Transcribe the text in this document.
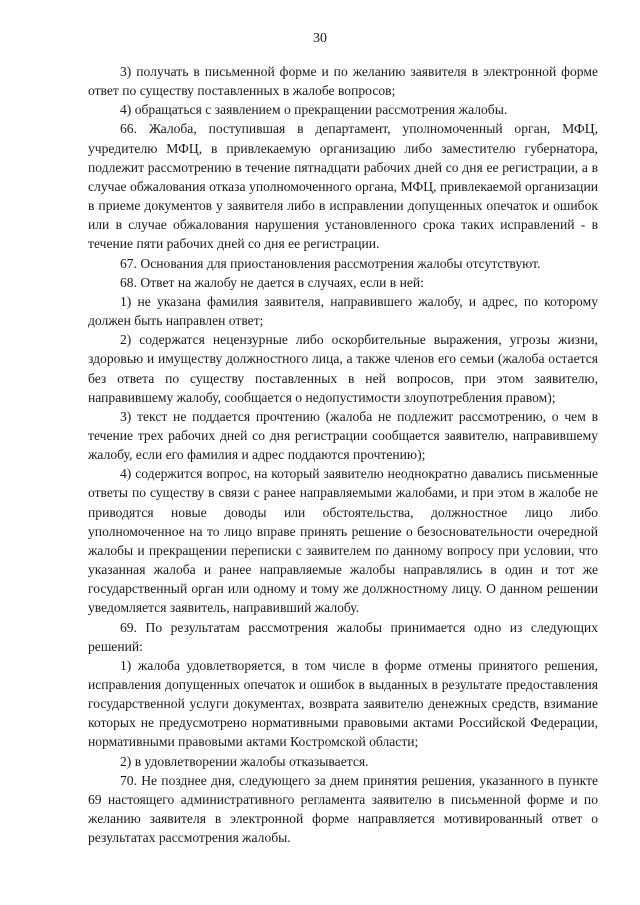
30

3) получать в письменной форме и по желанию заявителя в электронной форме ответ по существу поставленных в жалобе вопросов;

4) обращаться с заявлением о прекращении рассмотрения жалобы.

66. Жалоба, поступившая в департамент, уполномоченный орган, МФЦ, учредителю МФЦ, в привлекаемую организацию либо заместителю губернатора, подлежит рассмотрению в течение пятнадцати рабочих дней со дня ее регистрации, а в случае обжалования отказа уполномоченного органа, МФЦ, привлекаемой организации в приеме документов у заявителя либо в исправлении допущенных опечаток и ошибок или в случае обжалования нарушения установленного срока таких исправлений - в течение пяти рабочих дней со дня ее регистрации.

67. Основания для приостановления рассмотрения жалобы отсутствуют.

68. Ответ на жалобу не дается в случаях, если в ней:

1) не указана фамилия заявителя, направившего жалобу, и адрес, по которому должен быть направлен ответ;

2) содержатся нецензурные либо оскорбительные выражения, угрозы жизни, здоровью и имуществу должностного лица, а также членов его семьи (жалоба остается без ответа по существу поставленных в ней вопросов, при этом заявителю, направившему жалобу, сообщается о недопустимости злоупотребления правом);

3) текст не поддается прочтению (жалоба не подлежит рассмотрению, о чем в течение трех рабочих дней со дня регистрации сообщается заявителю, направившему жалобу, если его фамилия и адрес поддаются прочтению);

4) содержится вопрос, на который заявителю неоднократно давались письменные ответы по существу в связи с ранее направляемыми жалобами, и при этом в жалобе не приводятся новые доводы или обстоятельства, должностное лицо либо уполномоченное на то лицо вправе принять решение о безосновательности очередной жалобы и прекращении переписки с заявителем по данному вопросу при условии, что указанная жалоба и ранее направляемые жалобы направлялись в один и тот же государственный орган или одному и тому же должностному лицу. О данном решении уведомляется заявитель, направивший жалобу.

69. По результатам рассмотрения жалобы принимается одно из следующих решений:

1) жалоба удовлетворяется, в том числе в форме отмены принятого решения, исправления допущенных опечаток и ошибок в выданных в результате предоставления государственной услуги документах, возврата заявителю денежных средств, взимание которых не предусмотрено нормативными правовыми актами Российской Федерации, нормативными правовыми актами Костромской области;

2) в удовлетворении жалобы отказывается.

70. Не позднее дня, следующего за днем принятия решения, указанного в пункте 69 настоящего административного регламента заявителю в письменной форме и по желанию заявителя в электронной форме направляется мотивированный ответ о результатах рассмотрения жалобы.
